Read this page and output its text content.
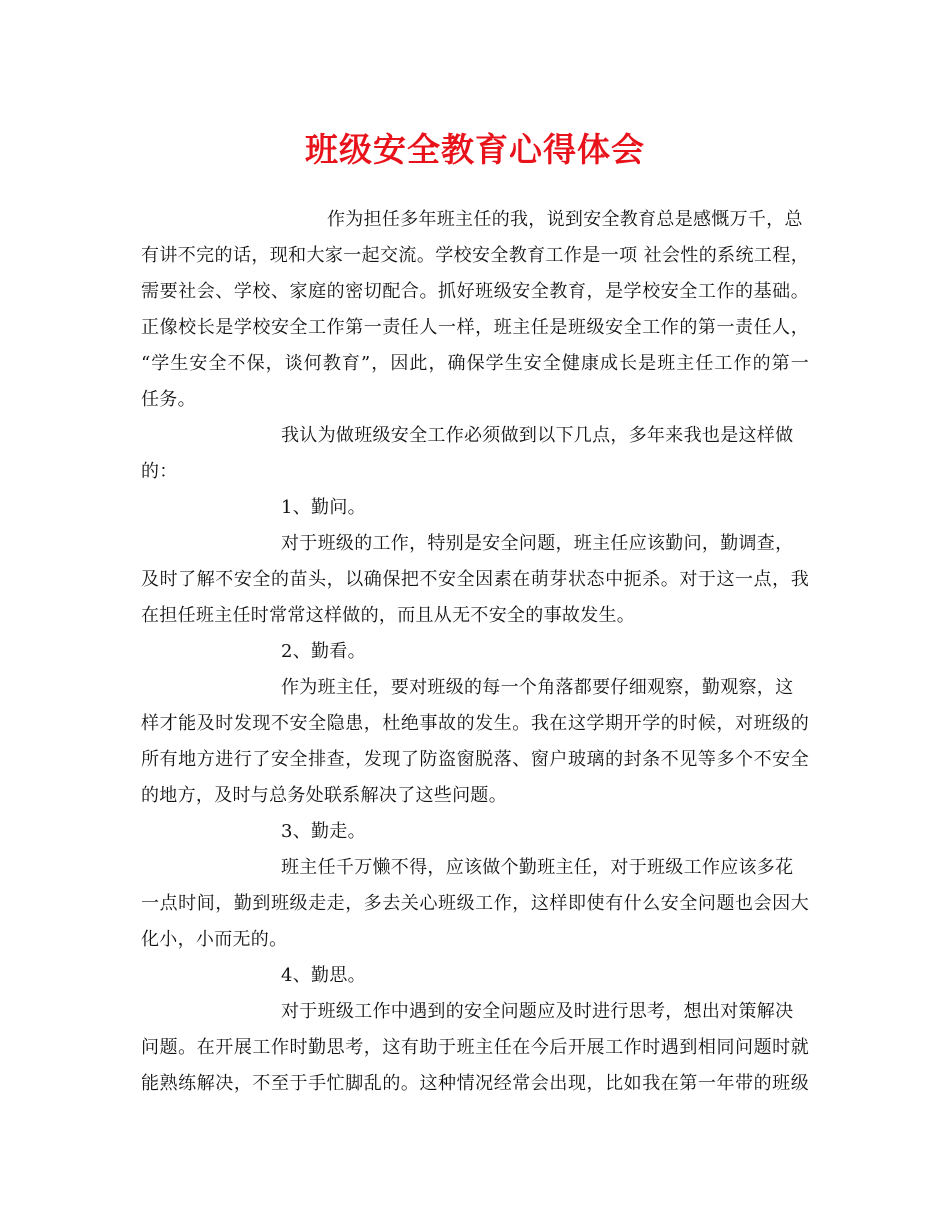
班级安全教育心得体会
作为担任多年班主任的我，说到安全教育总是感慨万千，总
有讲不完的话，现和大家一起交流。学校安全教育工作是一项 社会性的系统工程，
需要社会、学校、家庭的密切配合。抓好班级安全教育，是学校安全工作的基础。
正像校长是学校安全工作第一责任人一样，班主任是班级安全工作的第一责任人，
“学生安全不保，谈何教育”，因此，确保学生安全健康成长是班主任工作的第一
任务。
我认为做班级安全工作必须做到以下几点，多年来我也是这样做
的：
1、勤问。
对于班级的工作，特别是安全问题，班主任应该勤问，勤调查，
及时了解不安全的苗头，以确保把不安全因素在萌芽状态中扼杀。对于这一点，我
在担任班主任时常常这样做的，而且从无不安全的事故发生。
2、勤看。
作为班主任，要对班级的每一个角落都要仔细观察，勤观察，这
样才能及时发现不安全隐患，杜绝事故的发生。我在这学期开学的时候，对班级的
所有地方进行了安全排查，发现了防盗窗脱落、窗户玻璃的封条不见等多个不安全
的地方，及时与总务处联系解决了这些问题。
3、勤走。
班主任千万懒不得，应该做个勤班主任，对于班级工作应该多花
一点时间，勤到班级走走，多去关心班级工作，这样即使有什么安全问题也会因大
化小，小而无的。
4、勤思。
对于班级工作中遇到的安全问题应及时进行思考，想出对策解决
问题。在开展工作时勤思考，这有助于班主任在今后开展工作时遇到相同问题时就
能熟练解决，不至于手忙脚乱的。这种情况经常会出现，比如我在第一年带的班级
